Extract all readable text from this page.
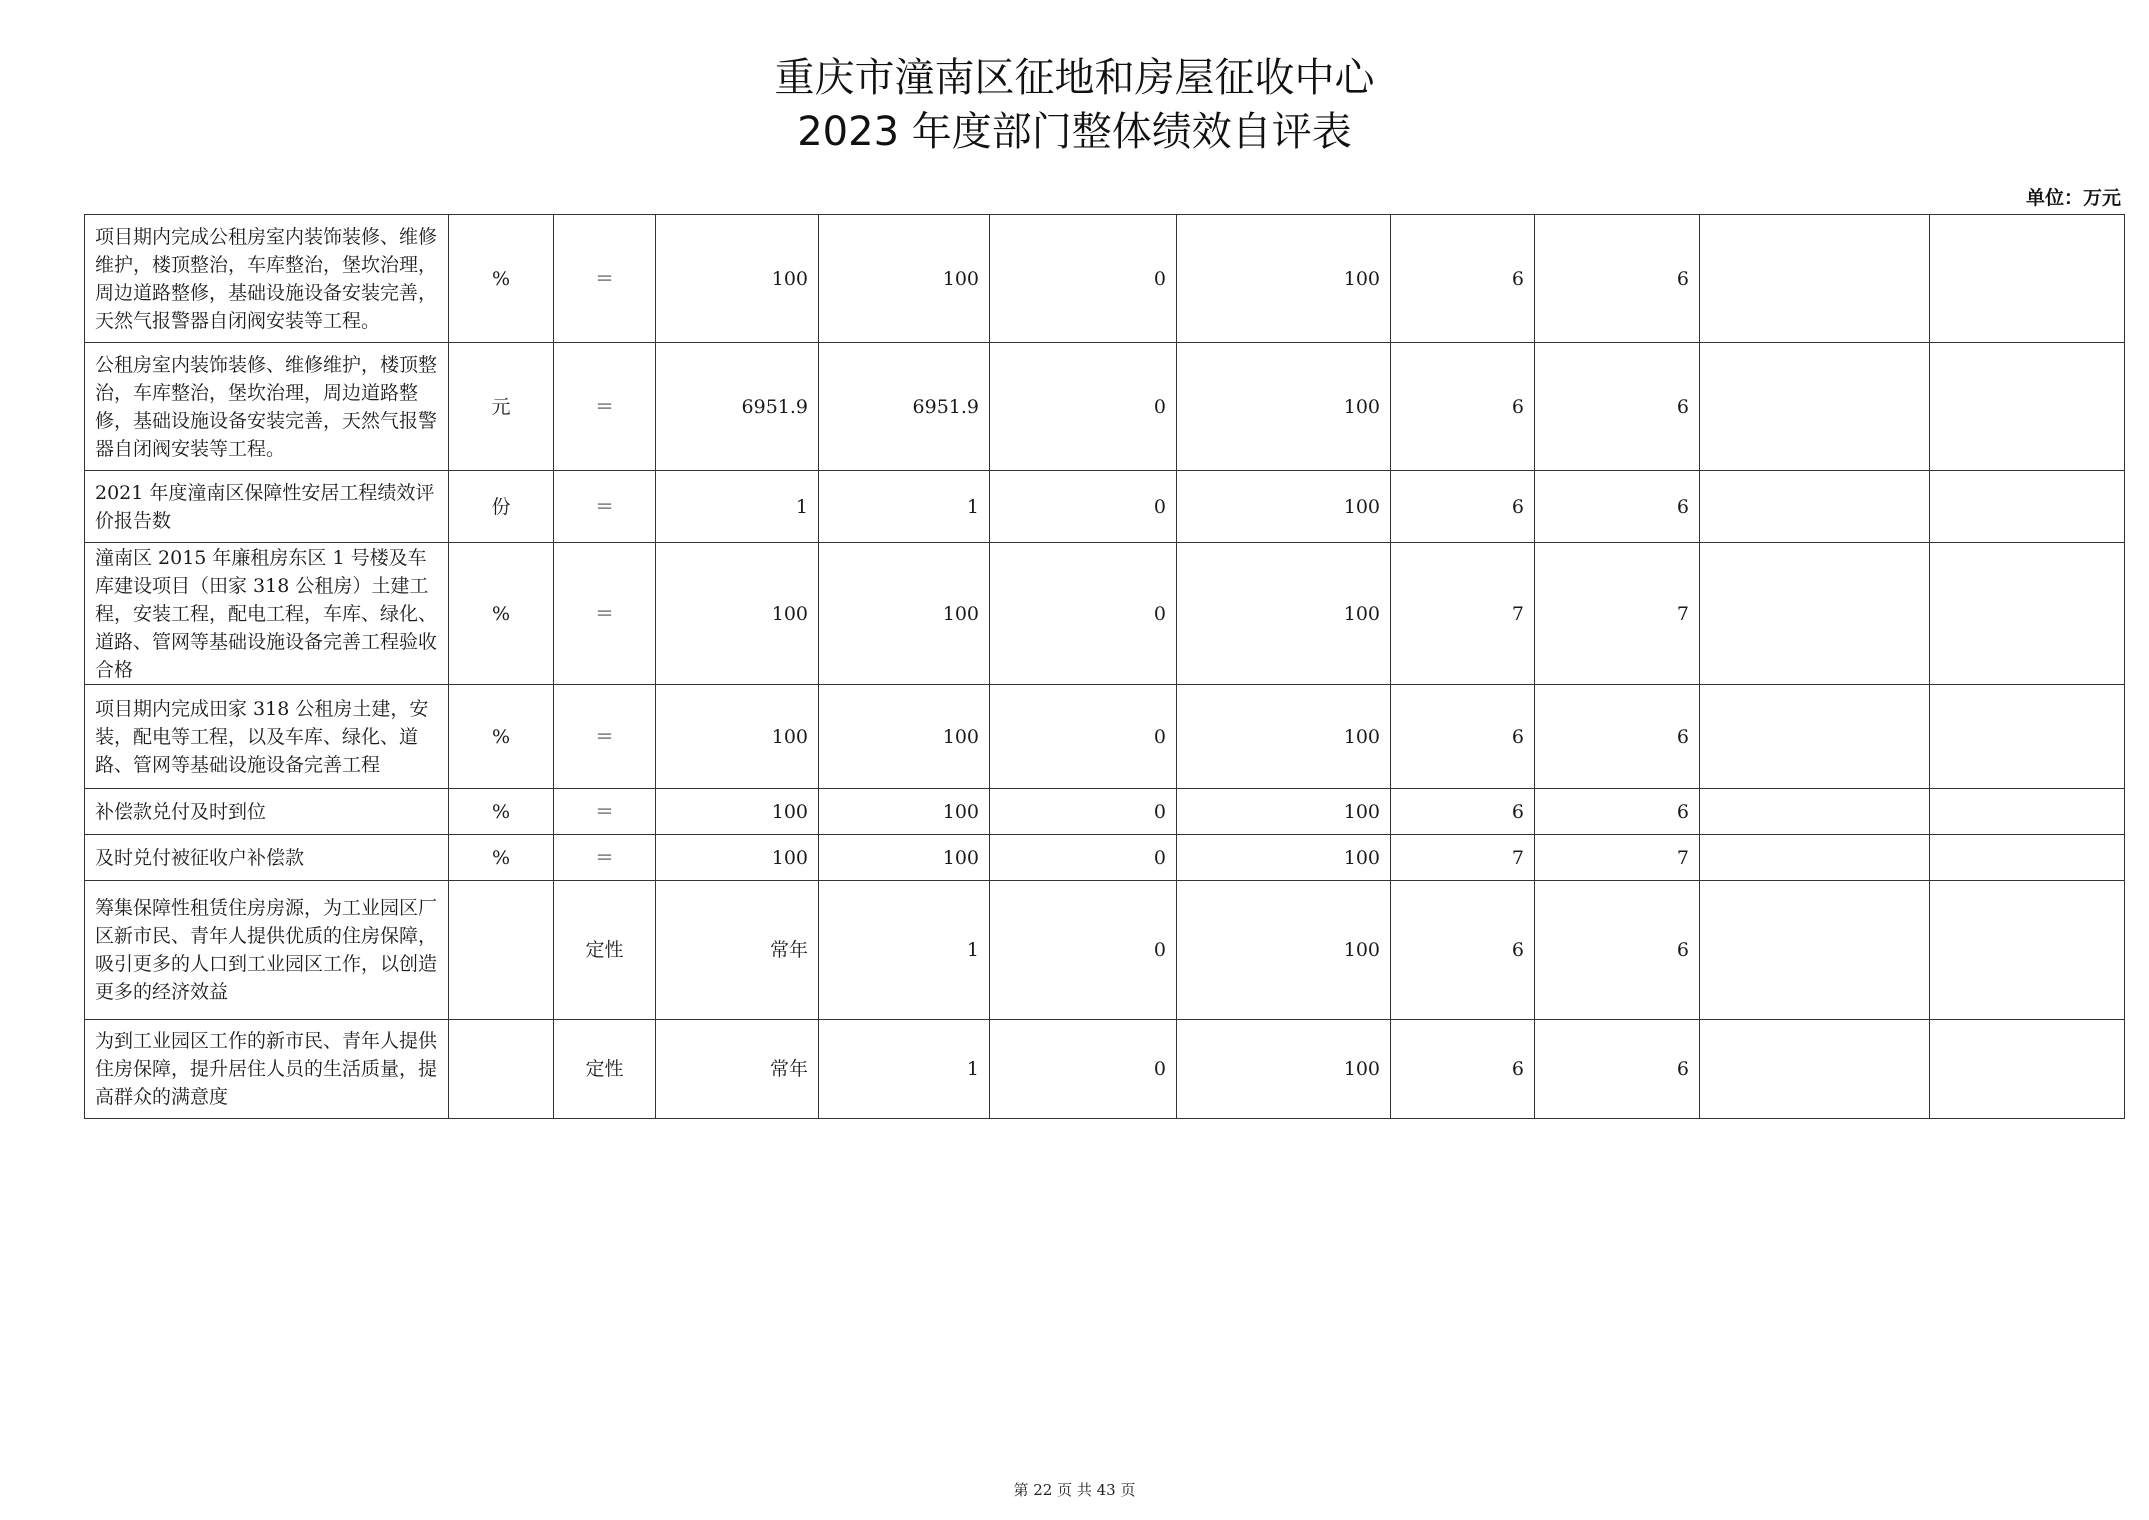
重庆市潼南区征地和房屋征收中心
2023 年度部门整体绩效自评表
单位：万元
项目期内完成公租房室内装饰装修、维修维护，楼顶整治，车库整治，堡坎治理，周边道路整修，基础设施设备安装完善，天然气报警器自闭阀安装等工程。	%	＝	100	100	0	100	6	6		
公租房室内装饰装修、维修维护，楼顶整治，车库整治，堡坎治理，周边道路整修，基础设施设备安装完善，天然气报警器自闭阀安装等工程。	元	＝	6951.9	6951.9	0	100	6	6		
2021 年度潼南区保障性安居工程绩效评价报告数	份	＝	1	1	0	100	6	6		
潼南区 2015 年廉租房东区 1 号楼及车库建设项目（田家 318 公租房）土建工程，安装工程，配电工程，车库、绿化、道路、管网等基础设施设备完善工程验收合格	%	＝	100	100	0	100	7	7		
项目期内完成田家 318 公租房土建，安装，配电等工程，以及车库、绿化、道路、管网等基础设施设备完善工程	%	＝	100	100	0	100	6	6		
补偿款兑付及时到位	%	＝	100	100	0	100	6	6		
及时兑付被征收户补偿款	%	＝	100	100	0	100	7	7		
筹集保障性租赁住房房源，为工业园区厂区新市民、青年人提供优质的住房保障，吸引更多的人口到工业园区工作，以创造更多的经济效益		定性	常年	1	0	100	6	6		
为到工业园区工作的新市民、青年人提供住房保障，提升居住人员的生活质量，提高群众的满意度		定性	常年	1	0	100	6	6		
第 22 页 共 43 页
